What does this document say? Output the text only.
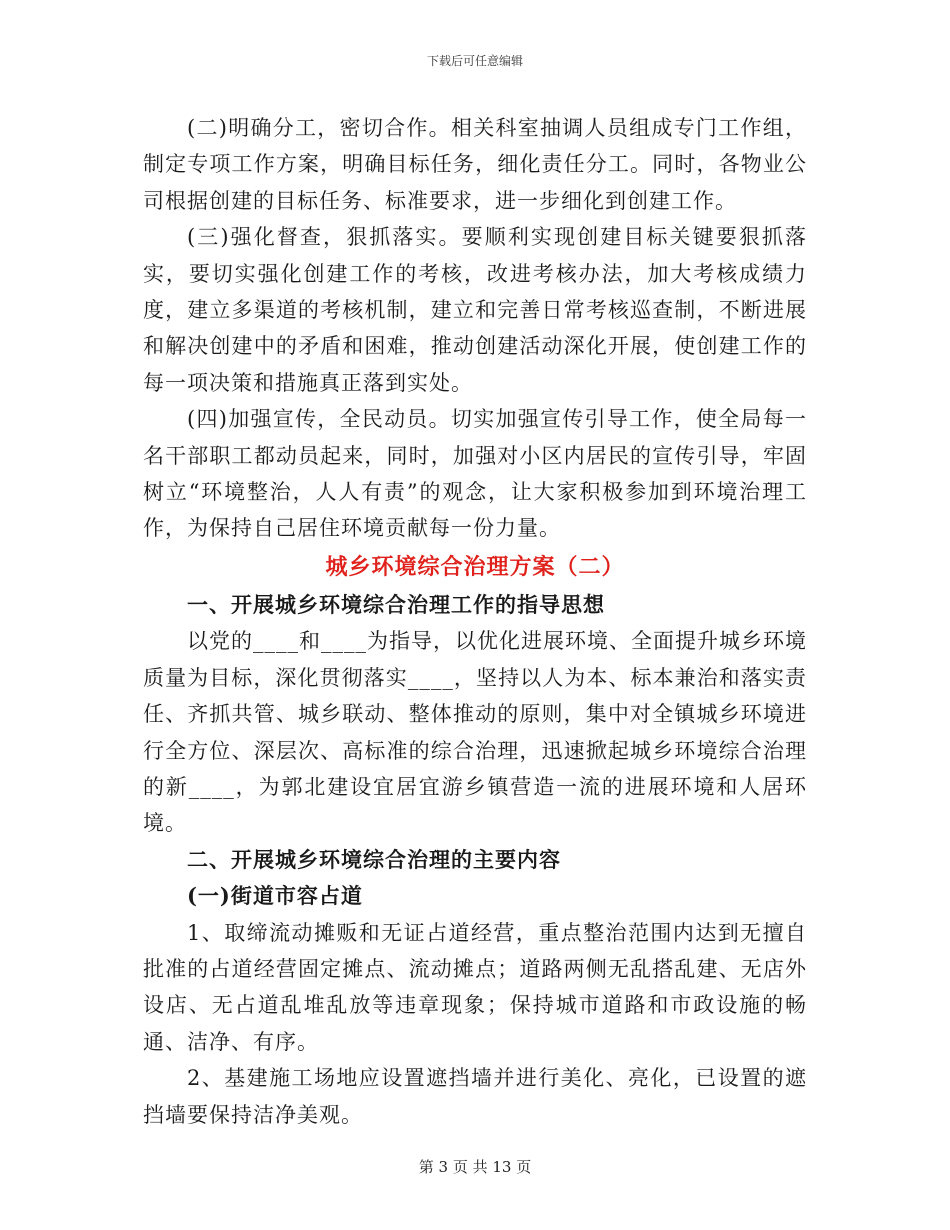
下载后可任意编辑

(二)明确分工，密切合作。相关科室抽调人员组成专门工作组，制定专项工作方案，明确目标任务，细化责任分工。同时，各物业公司根据创建的目标任务、标准要求，进一步细化到创建工作。

(三)强化督查，狠抓落实。要顺利实现创建目标关键要狠抓落实，要切实强化创建工作的考核，改进考核办法，加大考核成绩力度，建立多渠道的考核机制，建立和完善日常考核巡查制，不断进展和解决创建中的矛盾和困难，推动创建活动深化开展，使创建工作的每一项决策和措施真正落到实处。

(四)加强宣传，全民动员。切实加强宣传引导工作，使全局每一名干部职工都动员起来，同时，加强对小区内居民的宣传引导，牢固树立“环境整治，人人有责”的观念，让大家积极参加到环境治理工作，为保持自己居住环境贡献每一份力量。

城乡环境综合治理方案（二）

一、开展城乡环境综合治理工作的指导思想

以党的____和____为指导，以优化进展环境、全面提升城乡环境质量为目标，深化贯彻落实____，坚持以人为本、标本兼治和落实责任、齐抓共管、城乡联动、整体推动的原则，集中对全镇城乡环境进行全方位、深层次、高标准的综合治理，迅速掀起城乡环境综合治理的新____，为郭北建设宜居宜游乡镇营造一流的进展环境和人居环境。

二、开展城乡环境综合治理的主要内容

(一)街道市容占道

1、取缔流动摊贩和无证占道经营，重点整治范围内达到无擅自批准的占道经营固定摊点、流动摊点；道路两侧无乱搭乱建、无店外设店、无占道乱堆乱放等违章现象；保持城市道路和市政设施的畅通、洁净、有序。

2、基建施工场地应设置遮挡墙并进行美化、亮化，已设置的遮挡墙要保持洁净美观。

第 3 页 共 13 页
